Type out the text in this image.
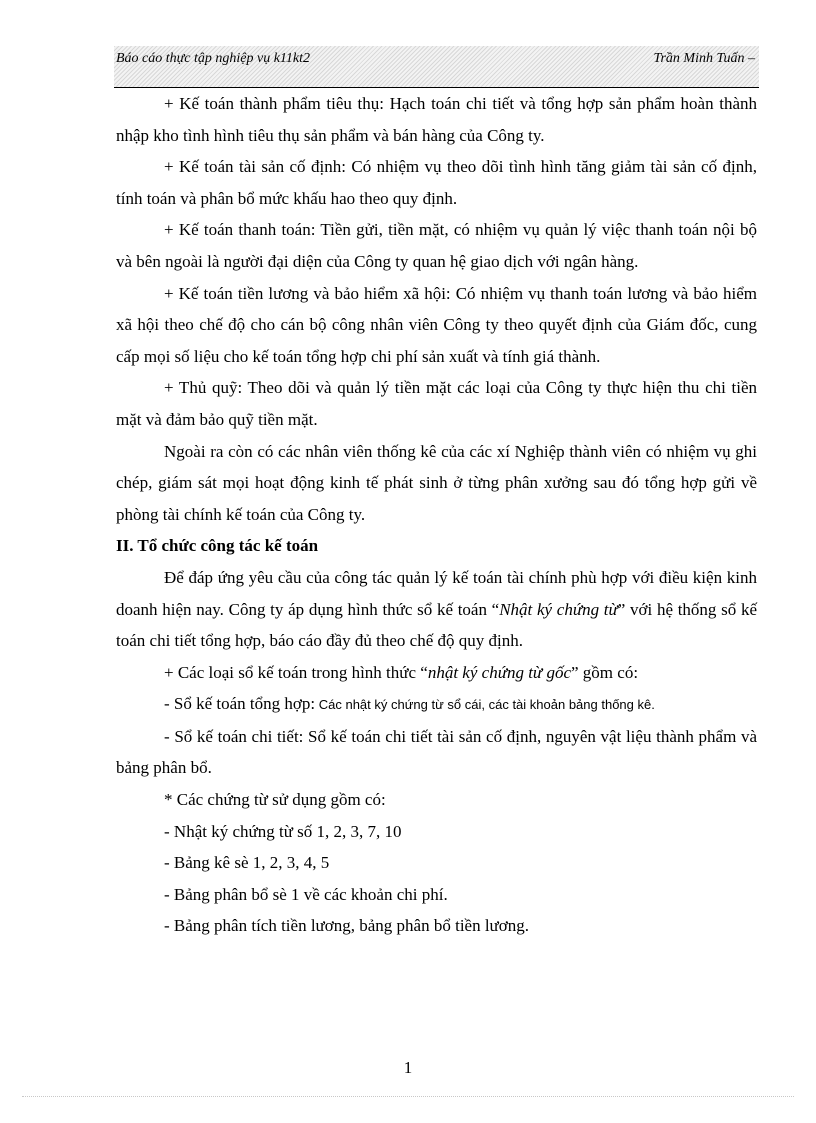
Báo cáo thực tập nghiệp vụ k11kt2	Trần Minh Tuấn –

+ Kế toán thành phẩm tiêu thụ: Hạch toán chi tiết và tổng hợp sản phẩm hoàn thành nhập kho tình hình tiêu thụ sản phẩm và bán hàng của Công ty.

+ Kế toán tài sản cố định: Có nhiệm vụ theo dõi tình hình tăng giảm tài sản cố định, tính toán và phân bổ mức khấu hao theo quy định.

+ Kế toán thanh toán: Tiền gửi, tiền mặt, có nhiệm vụ quản lý việc thanh toán nội bộ và bên ngoài là người đại diện của Công ty quan hệ giao dịch với ngân hàng.

+ Kế toán tiền lương và bảo hiểm xã hội: Có nhiệm vụ thanh toán lương và bảo hiểm xã hội theo chế độ cho cán bộ công nhân viên Công ty theo quyết định của Giám đốc, cung cấp mọi số liệu cho kế toán tổng hợp chi phí sản xuất và tính giá thành.

+ Thủ quỹ: Theo dõi và quản lý tiền mặt các loại của Công ty thực hiện thu chi tiền mặt và đảm bảo quỹ tiền mặt.

Ngoài ra còn có các nhân viên thống kê của các xí Nghiệp thành viên có nhiệm vụ ghi chép, giám sát mọi hoạt động kinh tế phát sinh ở từng phân xưởng sau đó tổng hợp gửi về phòng tài chính kế toán của Công ty.

II. Tổ chức công tác kế toán

Để đáp ứng yêu cầu của công tác quản lý kế toán tài chính phù hợp với điều kiện kinh doanh hiện nay. Công ty áp dụng hình thức sổ kế toán “Nhật ký chứng từ” với hệ thống sổ kế toán chi tiết tổng hợp, báo cáo đầy đủ theo chế độ quy định.

+ Các loại sổ kế toán trong hình thức “nhật ký chứng từ gốc” gồm có:

- Sổ kế toán tổng hợp: Các nhật ký chứng từ sổ cái, các tài khoản bảng thống kê.

- Sổ kế toán chi tiết: Sổ kế toán chi tiết tài sản cố định, nguyên vật liệu thành phẩm và bảng phân bổ.

* Các chứng từ sử dụng gồm có:

- Nhật ký chứng từ số 1, 2, 3, 7, 10

- Bảng kê sè 1, 2, 3, 4, 5

- Bảng phân bổ sè 1 về các khoản chi phí.

- Bảng phân tích tiền lương, bảng phân bổ tiền lương.

1
